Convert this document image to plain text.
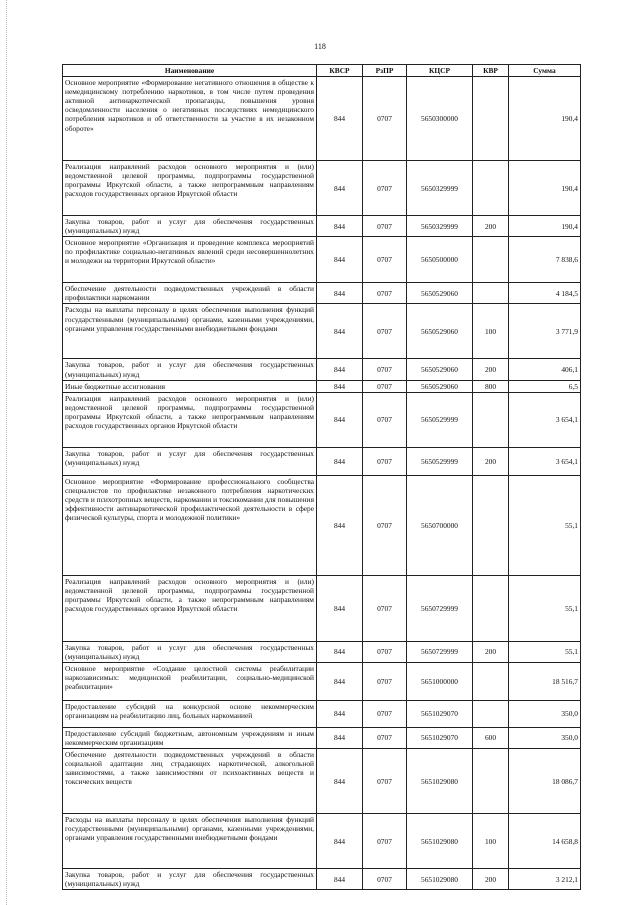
118
Наименование	КВСР	РзПР	КЦСР	КВР	Сумма
Основное мероприятие «Формирование негативного отношения в обществе к немедицинскому потреблению наркотиков, в том числе путем проведения активной антинаркотической пропаганды, повышения уровня осведомленности населения о негативных последствиях немедицинского потребления наркотиков и об ответственности за участие в их незаконном обороте»	844	0707	5650300000		190,4
Реализация направлений расходов основного мероприятия и (или) ведомственной целевой программы, подпрограммы государственной программы Иркутской области, а также непрограммным направлениям расходов государственных органов Иркутской области	844	0707	5650329999		190,4
Закупка товаров, работ и услуг для обеспечения государственных (муниципальных) нужд	844	0707	5650329999	200	190,4
Основное мероприятие «Организация и проведение комплекса мероприятий по профилактике социально-негативных явлений среди несовершеннолетних и молодежи на территории Иркутской области»	844	0707	5650500000		7 838,6
Обеспечение деятельности подведомственных учреждений в области профилактики наркомании	844	0707	5650529060		4 184,5
Расходы на выплаты персоналу в целях обеспечения выполнения функций государственными (муниципальными) органами, казенными учреждениями, органами управления государственными внебюджетными фондами	844	0707	5650529060	100	3 771,9
Закупка товаров, работ и услуг для обеспечения государственных (муниципальных) нужд	844	0707	5650529060	200	406,1
Иные бюджетные ассигнования	844	0707	5650529060	800	6,5
Реализация направлений расходов основного мероприятия и (или) ведомственной целевой программы, подпрограммы государственной программы Иркутской области, а также непрограммным направлениям расходов государственных органов Иркутской области	844	0707	5650529999		3 654,1
Закупка товаров, работ и услуг для обеспечения государственных (муниципальных) нужд	844	0707	5650529999	200	3 654,1
Основное мероприятие «Формирование профессионального сообщества специалистов по профилактике незаконного потребления наркотических средств и психотропных веществ, наркомании и токсикомании для повышения эффективности антинаркотической профилактической деятельности в сфере физической культуры, спорта и молодежной политики»	844	0707	5650700000		55,1
Реализация направлений расходов основного мероприятия и (или) ведомственной целевой программы, подпрограммы государственной программы Иркутской области, а также непрограммным направлениям расходов государственных органов Иркутской области	844	0707	5650729999		55,1
Закупка товаров, работ и услуг для обеспечения государственных (муниципальных) нужд	844	0707	5650729999	200	55,1
Основное мероприятие «Создание целостной системы реабилитации наркозависимых: медицинской реабилитации, социально-медицинской реабилитации»	844	0707	5651000000		18 516,7
Предоставление субсидий на конкурсной основе некоммерческим организациям на реабилитацию лиц, больных наркоманией	844	0707	5651029070		350,0
Предоставление субсидий бюджетным, автономным учреждениям и иным некоммерческим организациям	844	0707	5651029070	600	350,0
Обеспечение деятельности подведомственных учреждений в области социальной адаптации лиц страдающих наркотической, алкогольной зависимостями, а также зависимостями от психоактивных веществ и токсических веществ	844	0707	5651029080		18 086,7
Расходы на выплаты персоналу в целях обеспечения выполнения функций государственными (муниципальными) органами, казенными учреждениями, органами управления государственными внебюджетными фондами	844	0707	5651029080	100	14 658,8
Закупка товаров, работ и услуг для обеспечения государственных (муниципальных) нужд	844	0707	5651029080	200	3 212,1
